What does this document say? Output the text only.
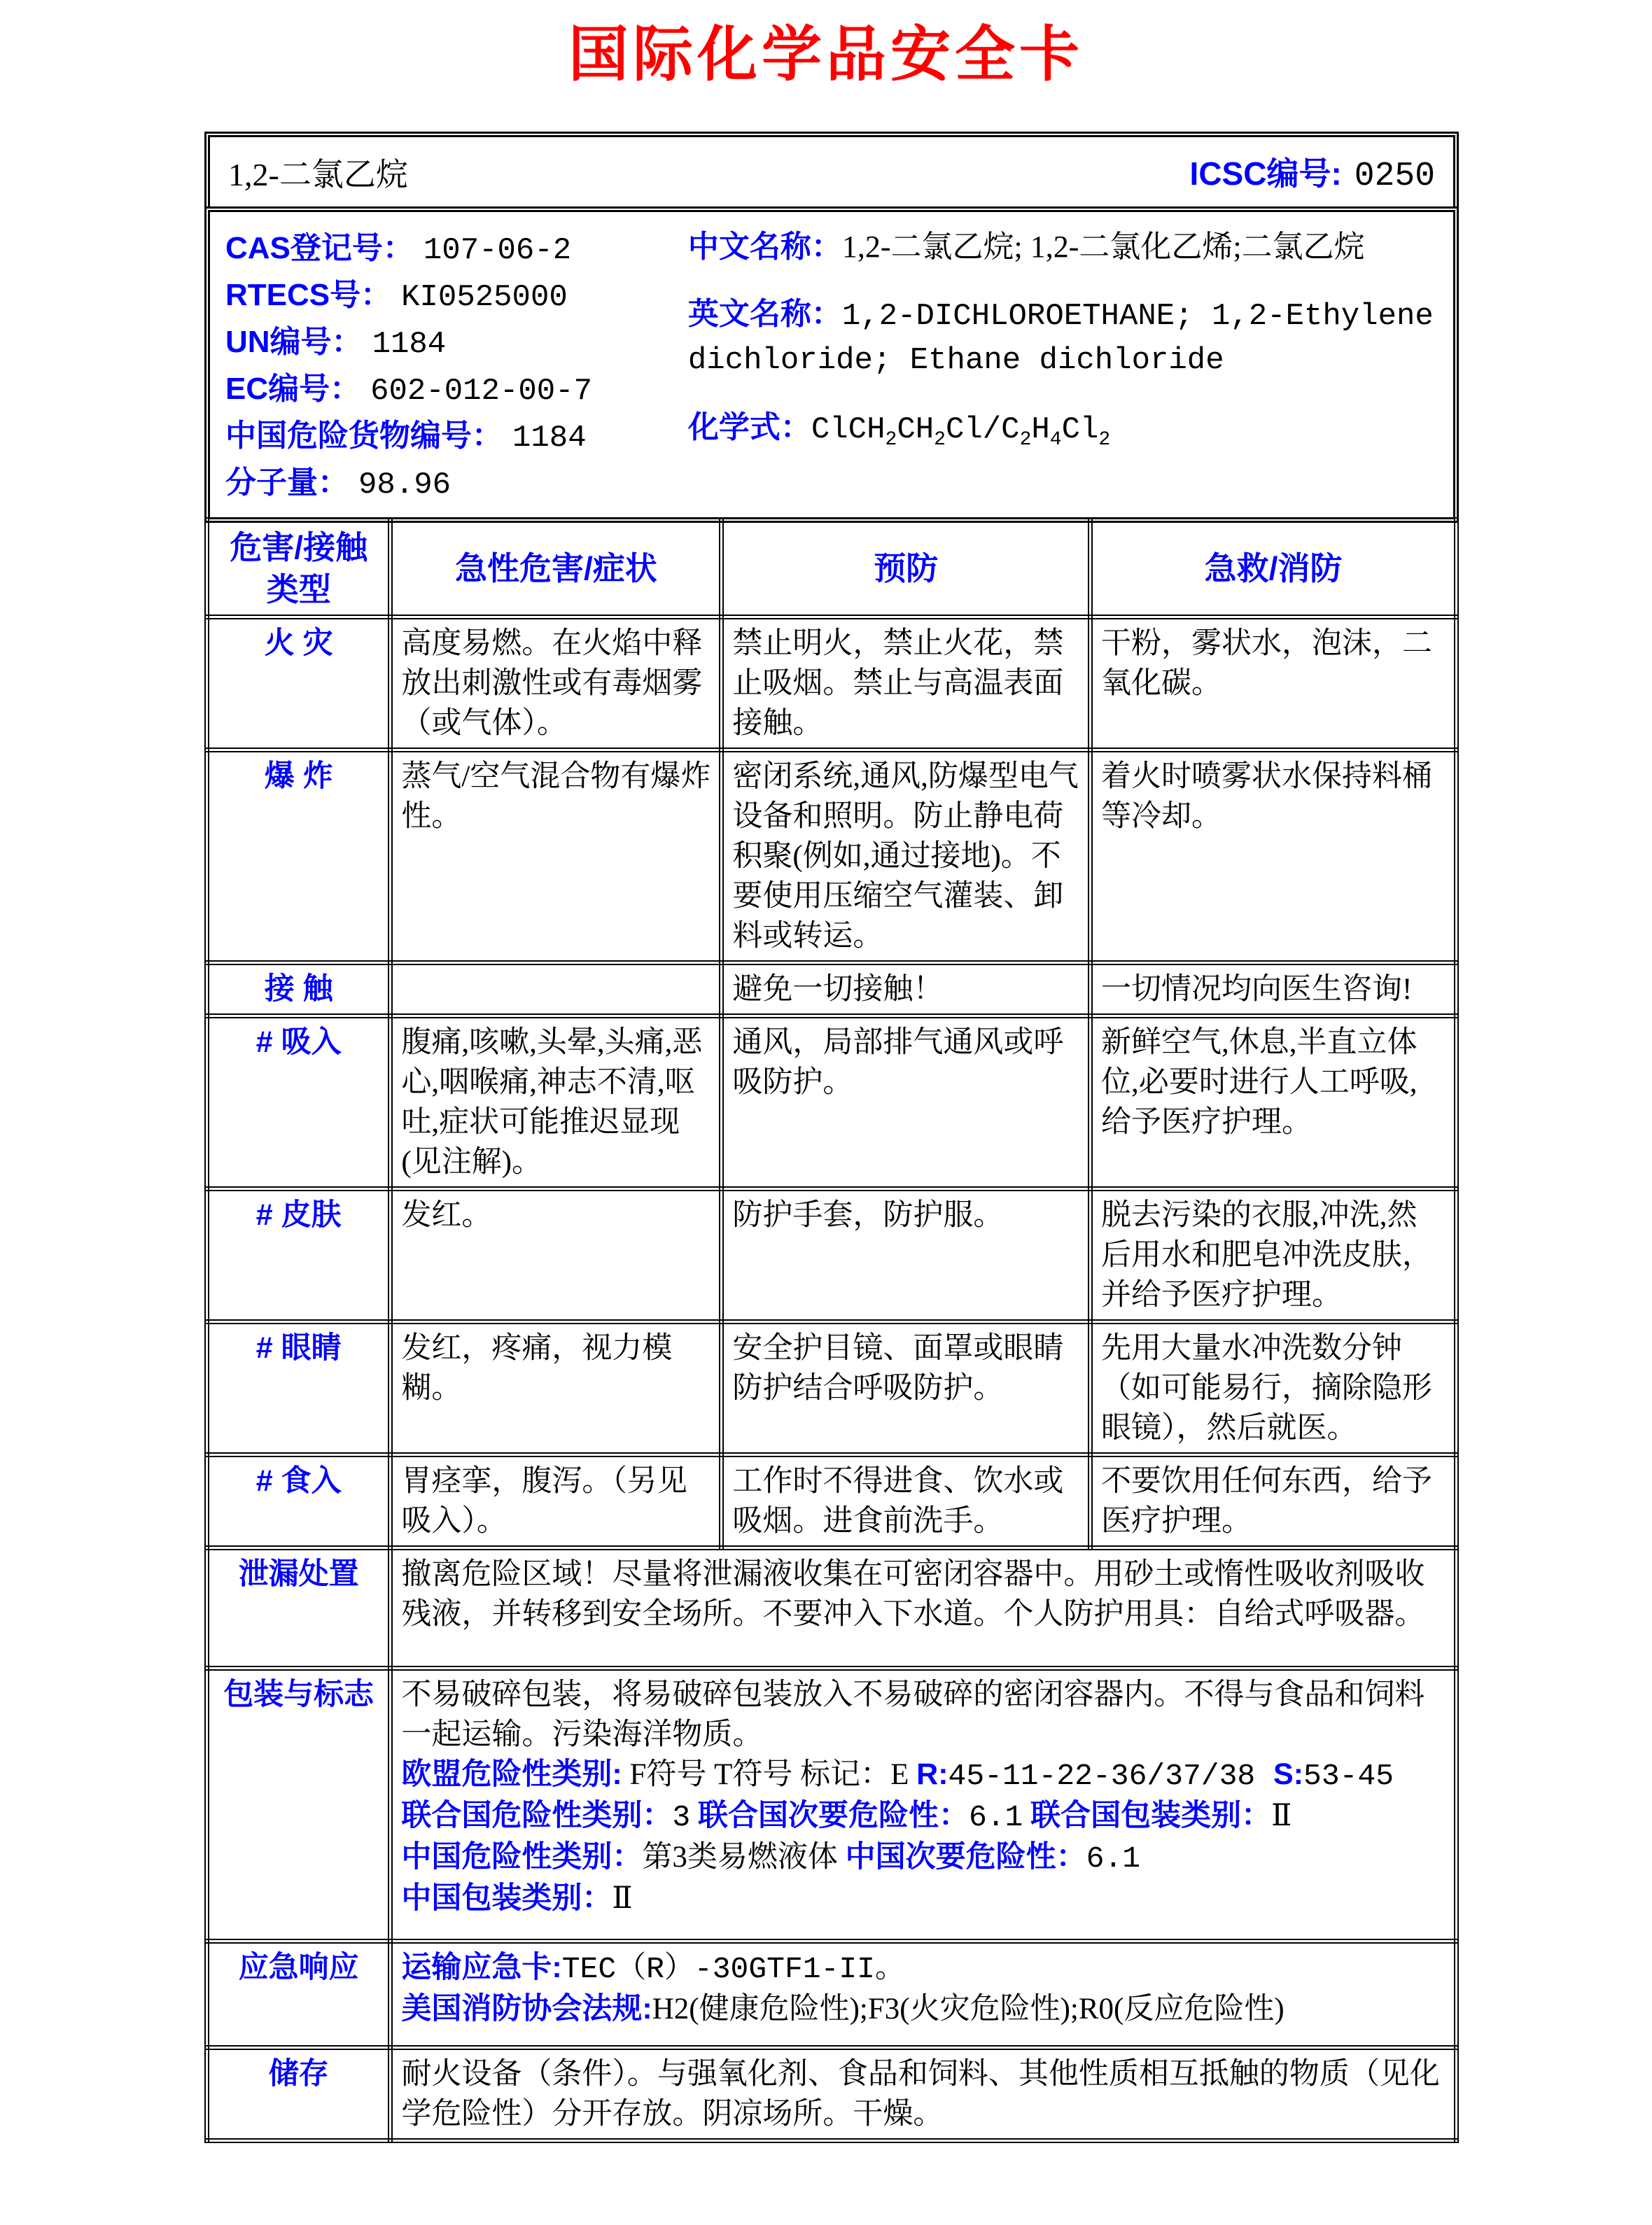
国际化学品安全卡
1,2-二氯乙烷	ICSC编号: 0250
CAS登记号： 107-06-2
RTECS号： KI0525000
UN编号： 1184
EC编号： 602-012-00-7
中国危险货物编号： 1184
分子量： 98.96
中文名称：1,2-二氯乙烷; 1,2-二氯化乙烯;二氯乙烷
英文名称：1,2-DICHLOROETHANE; 1,2-Ethylene dichloride; Ethane dichloride
化学式：$ClCH_2CH_2Cl/C_2H_4Cl_2$
危害/接触 类型	急性危害/症状	预防	急救/消防
火 灾	高度易燃。在火焰中释放出刺激性或有毒烟雾（或气体）。	禁止明火，禁止火花，禁止吸烟。禁止与高温表面接触。	干粉，雾状水，泡沫，二氧化碳。
爆 炸	蒸气/空气混合物有爆炸性。	密闭系统,通风,防爆型电气设备和照明。防止静电荷积聚(例如,通过接地)。不要使用压缩空气灌装、卸料或转运。	着火时喷雾状水保持料桶等冷却。
接 触		避免一切接触！	一切情况均向医生咨询!
# 吸入	腹痛,咳嗽,头晕,头痛,恶心,咽喉痛,神志不清,呕吐,症状可能推迟显现(见注解)。	通风，局部排气通风或呼吸防护。	新鲜空气,休息,半直立体位,必要时进行人工呼吸,给予医疗护理。
# 皮肤	发红。	防护手套，防护服。	脱去污染的衣服,冲洗,然后用水和肥皂冲洗皮肤，并给予医疗护理。
# 眼睛	发红，疼痛，视力模糊。	安全护目镜、面罩或眼睛防护结合呼吸防护。	先用大量水冲洗数分钟（如可能易行，摘除隐形眼镜），然后就医。
# 食入	胃痉挛，腹泻。（另见吸入）。	工作时不得进食、饮水或吸烟。进食前洗手。	不要饮用任何东西，给予医疗护理。
泄漏处置	撤离危险区域！尽量将泄漏液收集在可密闭容器中。用砂土或惰性吸收剂吸收残液，并转移到安全场所。不要冲入下水道。个人防护用具：自给式呼吸器。		

包装与标志	不易破碎包装，将易破碎包装放入不易破碎的密闭容器内。不得与食品和饲料一起运输。污染海洋物质。
欧盟危险性类别: F符号 T符号 标记：E R:45-11-22-36/37/38 S:53-45
联合国危险性类别：3 联合国次要危险性：6.1 联合国包装类别：Ⅱ
中国危险性类别：第3类易燃液体 中国次要危险性：6.1
中国包装类别：Ⅱ		

应急响应	运输应急卡:TEC（R）-30GTF1-II。
美国消防协会法规:H2(健康危险性);F3(火灾危险性);R0(反应危险性)		

储存	耐火设备（条件）。与强氧化剂、食品和饲料、其他性质相互抵触的物质（见化学危险性）分开存放。阴凉场所。干燥。		
